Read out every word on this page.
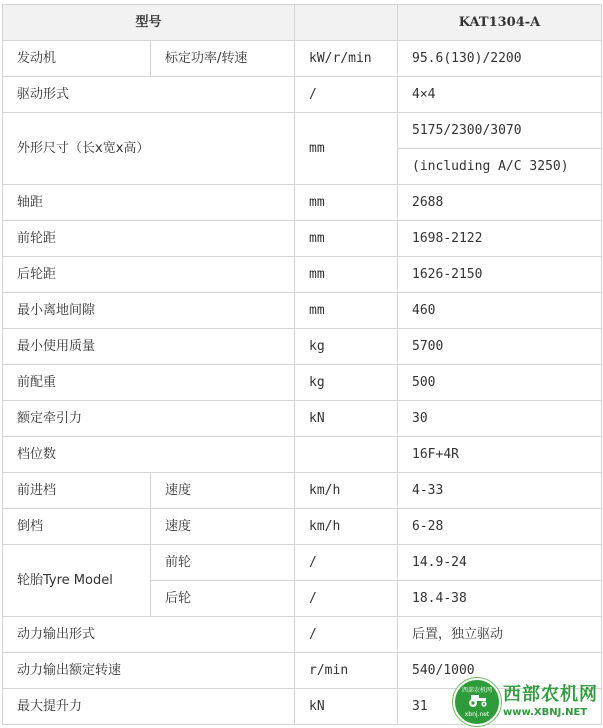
型号			KAT1304-A
发动机	标定功率/转速	kW/r/min	95.6(130)/2200
驱动形式		/	4×4
外形尺寸（长x宽x高）		mm	5175/2300/3070
			(including A/C 3250)
轴距		mm	2688
前轮距		mm	1698-2122
后轮距		mm	1626-2150
最小离地间隙		mm	460
最小使用质量		kg	5700
前配重		kg	500
额定牵引力		kN	30
档位数			16F+4R
前进档	速度	km/h	4-33
倒档	速度	km/h	6-28
轮胎Tyre Model	前轮	/	14.9-24
	后轮	/	18.4-38
动力输出形式		/	后置，独立驱动
动力输出额定转速		r/min	540/1000
最大提升力		kN	31
西部农机网
xbnj.net
西部农机网
www.XBNJ.NET
